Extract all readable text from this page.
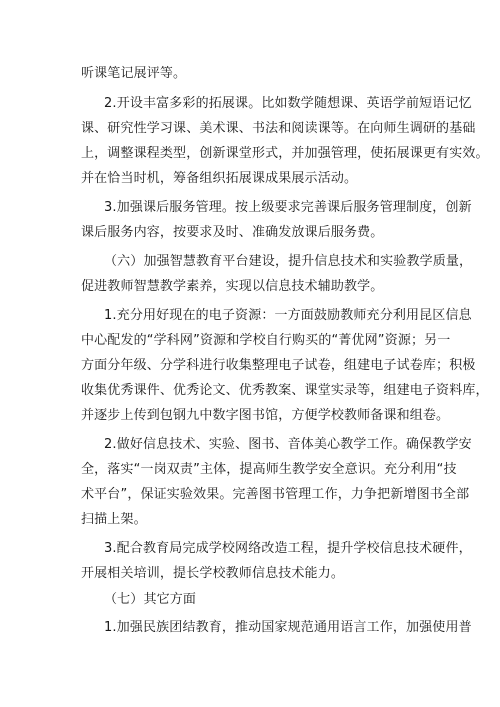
听课笔记展评等。
2.开设丰富多彩的拓展课。比如数学随想课、英语学前短语记忆
课、研究性学习课、美术课、书法和阅读课等。在向师生调研的基础
上，调整课程类型，创新课堂形式，并加强管理，使拓展课更有实效。
并在恰当时机，筹备组织拓展课成果展示活动。
3.加强课后服务管理。按上级要求完善课后服务管理制度，创新
课后服务内容，按要求及时、准确发放课后服务费。
（六）加强智慧教育平台建设，提升信息技术和实验教学质量，
促进教师智慧教学素养，实现以信息技术辅助教学。
1.充分用好现在的电子资源：一方面鼓励教师充分利用昆区信息
中心配发的“学科网”资源和学校自行购买的“菁优网”资源；另一
方面分年级、分学科进行收集整理电子试卷，组建电子试卷库；积极
收集优秀课件、优秀论文、优秀教案、课堂实录等，组建电子资料库，
并逐步上传到包钢九中数字图书馆，方便学校教师备课和组卷。
2.做好信息技术、实验、图书、音体美心教学工作。确保教学安
全，落实“一岗双责”主体，提高师生教学安全意识。充分利用“技
术平台”，保证实验效果。完善图书管理工作，力争把新增图书全部
扫描上架。
3.配合教育局完成学校网络改造工程，提升学校信息技术硬件，
开展相关培训，提长学校教师信息技术能力。
（七）其它方面
1.加强民族团结教育，推动国家规范通用语言工作，加强使用普
